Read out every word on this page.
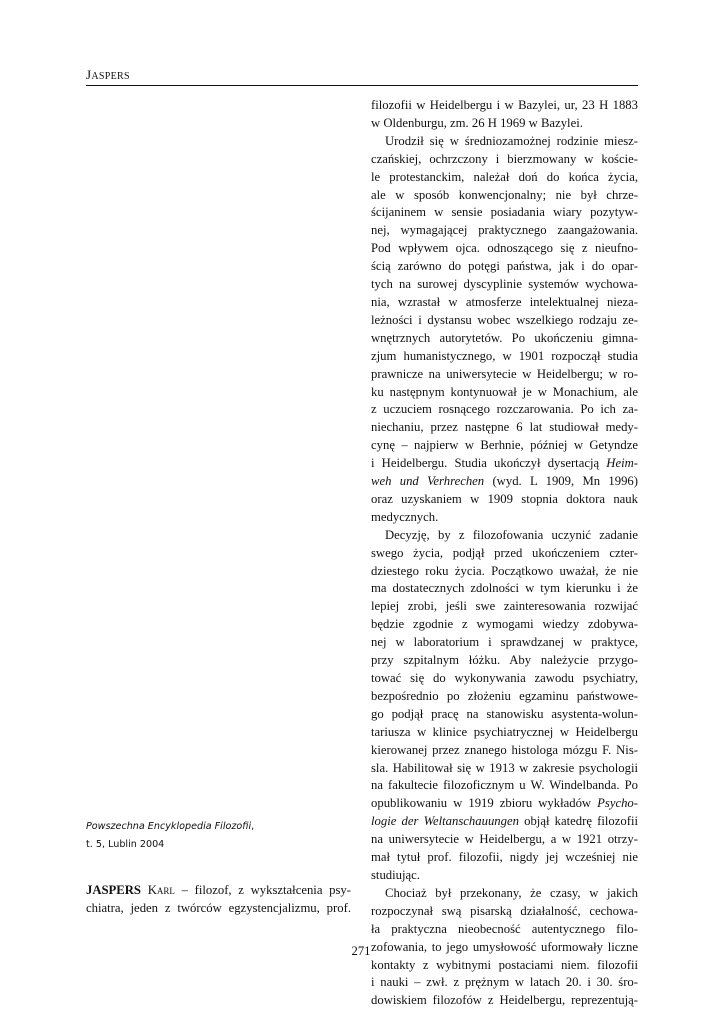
JASPERS

filozofii w Heidelbergu i w Bazylei, ur, 23 H 1883
w Oldenburgu, zm. 26 H 1969 w Bazylei.

Urodził się w średniozamożnej rodzinie miesz-
czańskiej, ochrzczony i bierzmowany w koście-
le protestanckim, należał doń do końca życia,
ale w sposób konwencjonalny; nie był chrze-
ścijaninem w sensie posiadania wiary pozytyw-
nej, wymagającej praktycznego zaangażowania.
Pod wpływem ojca. odnoszącego się z nieufno-
ścią zarówno do potęgi państwa, jak i do opar-
tych na surowej dyscyplinie systemów wychowa-
nia, wzrastał w atmosferze intelektualnej nieza-
leżności i dystansu wobec wszelkiego rodzaju ze-
wnętrznych autorytetów. Po ukończeniu gimna-
zjum humanistycznego, w 1901 rozpoczął studia
prawnicze na uniwersytecie w Heidelbergu; w ro-
ku następnym kontynuował je w Monachium, ale
z uczuciem rosnącego rozczarowania. Po ich za-
niechaniu, przez następne 6 lat studiował medy-
cynę – najpierw w Berhnie, później w Getyndze
i Heidelbergu. Studia ukończył dysertacją Heim-
weh und Verhrechen (wyd. L 1909, Mn 1996)
oraz uzyskaniem w 1909 stopnia doktora nauk
medycznych.

Decyzję, by z filozofowania uczynić zadanie
swego życia, podjął przed ukończeniem czter-
dziestego roku życia. Początkowo uważał, że nie
ma dostatecznych zdolności w tym kierunku i że
lepiej zrobi, jeśli swe zainteresowania rozwijać
będzie zgodnie z wymogami wiedzy zdobywa-
nej w laboratorium i sprawdzanej w praktyce,
przy szpitalnym łóżku. Aby należycie przygo-
tować się do wykonywania zawodu psychiatry,
bezpośrednio po złożeniu egzaminu państwowe-
go podjął pracę na stanowisku asystenta-wolun-
tariusza w klinice psychiatrycznej w Heidelbergu
kierowanej przez znanego histologa mózgu F. Nis-
sla. Habilitował się w 1913 w zakresie psychologii
na fakultecie filozoficznym u W. Windelbanda. Po
opublikowaniu w 1919 zbioru wykładów Psycho-
logie der Weltanschauungen objął katedrę filozofii
na uniwersytecie w Heidelbergu, a w 1921 otrzy-
mał tytuł prof. filozofii, nigdy jej wcześniej nie
studiując.

Chociaż był przekonany, że czasy, w jakich
rozpoczynał swą pisarską działalność, cechowa-
ła praktyczna nieobecność autentycznego filo-
zofowania, to jego umysłowość uformowały liczne
kontakty z wybitnymi postaciami niem. filozofii
i nauki – zwł. z prężnym w latach 20. i 30. śro-
dowiskiem filozofów z Heidelbergu, reprezentują-

Powszechna Encyklopedia Filozofii,
t. 5, Lublin 2004
JASPERS Karl – filozof, z wykształcenia psy-
chiatra, jeden z twórców egzystencjalizmu, prof.
271
